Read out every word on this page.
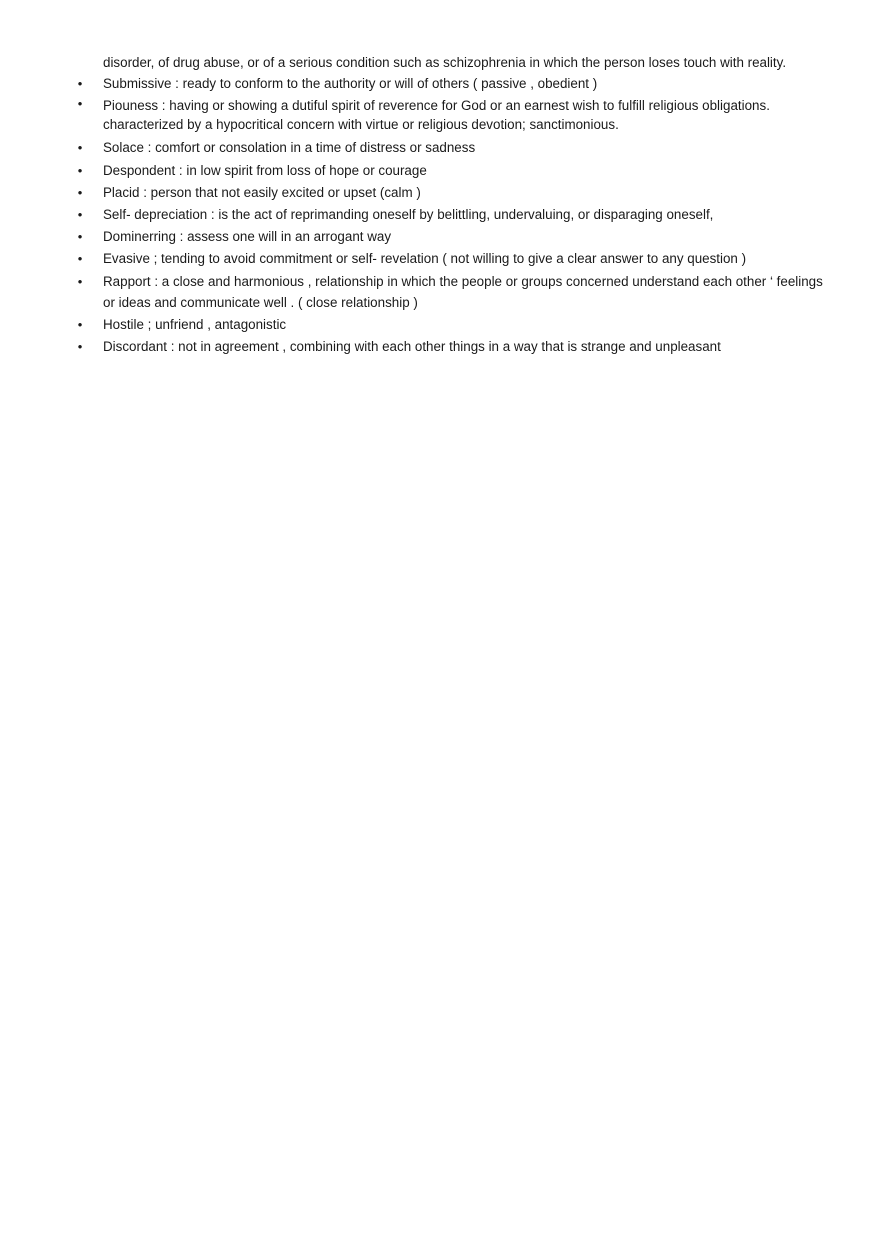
disorder, of drug abuse, or of a serious condition such as schizophrenia in which the person loses touch with reality.

• Submissive : ready to conform to the authority or will of others ( passive , obedient )
• Piouness : having or showing a dutiful spirit of reverence for God or an earnest wish to fulfill religious obligations. characterized by a hypocritical concern with virtue or religious devotion; sanctimonious.
• Solace : comfort or consolation in a time of distress or sadness
• Despondent : in low spirit from loss of hope or courage
• Placid : person that not easily excited or upset (calm )
• Self- depreciation : is the act of reprimanding oneself by belittling, undervaluing, or disparaging oneself,
• Dominerring : assess one will in an arrogant way
• Evasive ; tending to avoid commitment or self- revelation ( not willing to give a clear answer to any question )
• Rapport : a close and harmonious , relationship in which the people or groups concerned understand each other ‘ feelings or ideas and communicate well . ( close relationship )
• Hostile ; unfriend , antagonistic
• Discordant : not in agreement , combining with each other things in a way that is strange and unpleasant
